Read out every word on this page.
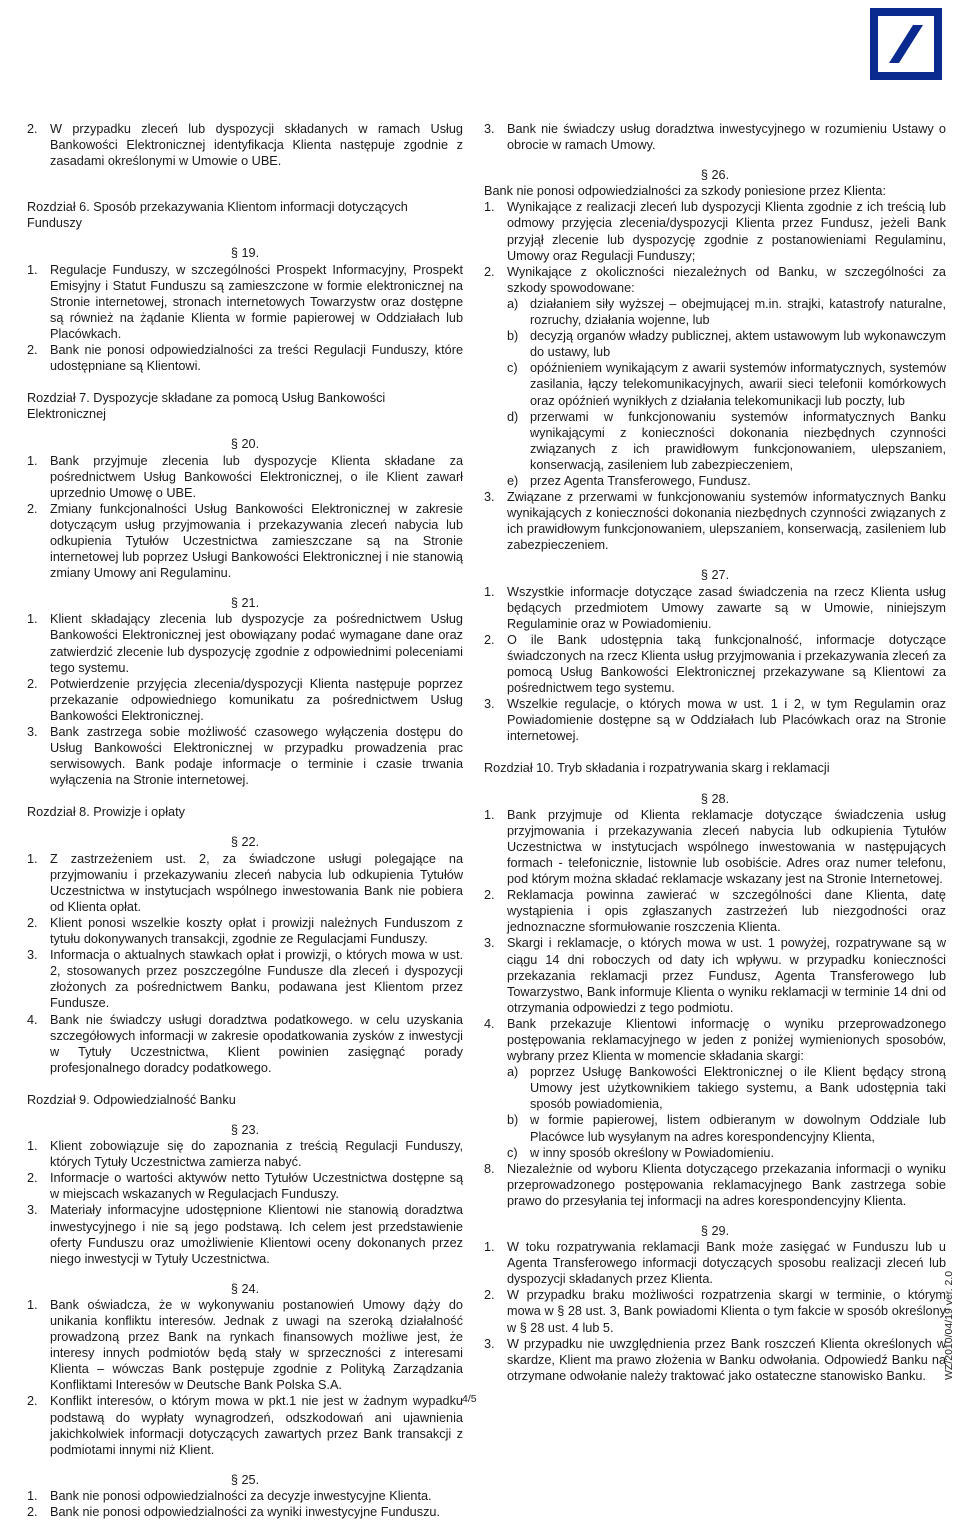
2. W przypadku zleceń lub dyspozycji składanych w ramach Usług Bankowości Elektronicznej identyfikacja Klienta następuje zgodnie z zasadami określonymi w Umowie o UBE.
Rozdział 6. Sposób przekazywania Klientom informacji dotyczących Funduszy
§ 19.
1. Regulacje Funduszy, w szczególności Prospekt Informacyjny, Prospekt Emisyjny i Statut Funduszu są zamieszczone w formie elektronicznej na Stronie internetowej, stronach internetowych Towarzystw oraz dostępne są również na żądanie Klienta w formie papierowej w Oddziałach lub Placówkach.
2. Bank nie ponosi odpowiedzialności za treści Regulacji Funduszy, które udostępniane są Klientowi.
Rozdział 7. Dyspozycje składane za pomocą Usług Bankowości Elektronicznej
§ 20.
1. Bank przyjmuje zlecenia lub dyspozycje Klienta składane za pośrednictwem Usług Bankowości Elektronicznej, o ile Klient zawarł uprzednio Umowę o UBE.
2. Zmiany funkcjonalności Usług Bankowości Elektronicznej w zakresie dotyczącym usług przyjmowania i przekazywania zleceń nabycia lub odkupienia Tytułów Uczestnictwa zamieszczane są na Stronie internetowej lub poprzez Usługi Bankowości Elektronicznej i nie stanowią zmiany Umowy ani Regulaminu.
§ 21.
1. Klient składający zlecenia lub dyspozycje za pośrednictwem Usług Bankowości Elektronicznej jest obowiązany podać wymagane dane oraz zatwierdzić zlecenie lub dyspozycję zgodnie z odpowiednimi poleceniami tego systemu.
2. Potwierdzenie przyjęcia zlecenia/dyspozycji Klienta następuje poprzez przekazanie odpowiedniego komunikatu za pośrednictwem Usług Bankowości Elektronicznej.
3. Bank zastrzega sobie możliwość czasowego wyłączenia dostępu do Usług Bankowości Elektronicznej w przypadku prowadzenia prac serwisowych. Bank podaje informacje o terminie i czasie trwania wyłączenia na Stronie internetowej.
Rozdział 8. Prowizje i opłaty
§ 22.
1. Z zastrzeżeniem ust. 2, za świadczone usługi polegające na przyjmowaniu i przekazywaniu zleceń nabycia lub odkupienia Tytułów Uczestnictwa w instytucjach wspólnego inwestowania Bank nie pobiera od Klienta opłat.
2. Klient ponosi wszelkie koszty opłat i prowizji należnych Funduszom z tytułu dokonywanych transakcji, zgodnie ze Regulacjami Funduszy.
3. Informacja o aktualnych stawkach opłat i prowizji, o których mowa w ust. 2, stosowanych przez poszczególne Fundusze dla zleceń i dyspozycji złożonych za pośrednictwem Banku, podawana jest Klientom przez Fundusze.
4. Bank nie świadczy usługi doradztwa podatkowego. w celu uzyskania szczegółowych informacji w zakresie opodatkowania zysków z inwestycji w Tytuły Uczestnictwa, Klient powinien zasięgnąć porady profesjonalnego doradcy podatkowego.
Rozdział 9. Odpowiedzialność Banku
§ 23.
1. Klient zobowiązuje się do zapoznania z treścią Regulacji Funduszy, których Tytuły Uczestnictwa zamierza nabyć.
2. Informacje o wartości aktywów netto Tytułów Uczestnictwa dostępne są w miejscach wskazanych w Regulacjach Funduszy.
3. Materiały informacyjne udostępnione Klientowi nie stanowią doradztwa inwestycyjnego i nie są jego podstawą. Ich celem jest przedstawienie oferty Funduszu oraz umożliwienie Klientowi oceny dokonanych przez niego inwestycji w Tytuły Uczestnictwa.
§ 24.
1. Bank oświadcza, że w wykonywaniu postanowień Umowy dąży do unikania konfliktu interesów. Jednak z uwagi na szeroką działalność prowadzoną przez Bank na rynkach finansowych możliwe jest, że interesy innych podmiotów będą stały w sprzeczności z interesami Klienta – wówczas Bank postępuje zgodnie z Polityką Zarządzania Konfliktami Interesów w Deutsche Bank Polska S.A.
2. Konflikt interesów, o którym mowa w pkt.1 nie jest w żadnym wypadku podstawą do wypłaty wynagrodzeń, odszkodowań ani ujawnienia jakichkolwiek informacji dotyczących zawartych przez Bank transakcji z podmiotami innymi niż Klient.
§ 25.
1. Bank nie ponosi odpowiedzialności za decyzje inwestycyjne Klienta.
2. Bank nie ponosi odpowiedzialności za wyniki inwestycyjne Funduszu.
3. Bank nie świadczy usług doradztwa inwestycyjnego w rozumieniu Ustawy o obrocie w ramach Umowy.
§ 26.
Bank nie ponosi odpowiedzialności za szkody poniesione przez Klienta:
1. Wynikające z realizacji zleceń lub dyspozycji Klienta zgodnie z ich treścią lub odmowy przyjęcia zlecenia/dyspozycji Klienta przez Fundusz, jeżeli Bank przyjął zlecenie lub dyspozycję zgodnie z postanowieniami Regulaminu, Umowy oraz Regulacji Funduszy;
2. Wynikające z okoliczności niezależnych od Banku, w szczególności za szkody spowodowane:
a) działaniem siły wyższej – obejmującej m.in. strajki, katastrofy naturalne, rozruchy, działania wojenne, lub
b) decyzją organów władzy publicznej, aktem ustawowym lub wykonawczym do ustawy, lub
c) opóźnieniem wynikającym z awarii systemów informatycznych, systemów zasilania, łączy telekomunikacyjnych, awarii sieci telefonii komórkowych oraz opóźnień wynikłych z działania telekomunikacji lub poczty, lub
d) przerwami w funkcjonowaniu systemów informatycznych Banku wynikającymi z konieczności dokonania niezbędnych czynności związanych z ich prawidłowym funkcjonowaniem, ulepszaniem, konserwacją, zasileniem lub zabezpieczeniem,
e) przez Agenta Transferowego, Fundusz.
3. Związane z przerwami w funkcjonowaniu systemów informatycznych Banku wynikających z konieczności dokonania niezbędnych czynności związanych z ich prawidłowym funkcjonowaniem, ulepszaniem, konserwacją, zasileniem lub zabezpieczeniem.
§ 27.
1. Wszystkie informacje dotyczące zasad świadczenia na rzecz Klienta usług będących przedmiotem Umowy zawarte są w Umowie, niniejszym Regulaminie oraz w Powiadomieniu.
2. O ile Bank udostępnia taką funkcjonalność, informacje dotyczące świadczonych na rzecz Klienta usług przyjmowania i przekazywania zleceń za pomocą Usług Bankowości Elektronicznej przekazywane są Klientowi za pośrednictwem tego systemu.
3. Wszelkie regulacje, o których mowa w ust. 1 i 2, w tym Regulamin oraz Powiadomienie dostępne są w Oddziałach lub Placówkach oraz na Stronie internetowej.
Rozdział 10. Tryb składania i rozpatrywania skarg i reklamacji
§ 28.
1. Bank przyjmuje od Klienta reklamacje dotyczące świadczenia usług przyjmowania i przekazywania zleceń nabycia lub odkupienia Tytułów Uczestnictwa w instytucjach wspólnego inwestowania w następujących formach - telefonicznie, listownie lub osobiście. Adres oraz numer telefonu, pod którym można składać reklamacje wskazany jest na Stronie Internetowej.
2. Reklamacja powinna zawierać w szczególności dane Klienta, datę wystąpienia i opis zgłaszanych zastrzeżeń lub niezgodności oraz jednoznaczne sformułowanie roszczenia Klienta.
3. Skargi i reklamacje, o których mowa w ust. 1 powyżej, rozpatrywane są w ciągu 14 dni roboczych od daty ich wpływu. w przypadku konieczności przekazania reklamacji przez Fundusz, Agenta Transferowego lub Towarzystwo, Bank informuje Klienta o wyniku reklamacji w terminie 14 dni od otrzymania odpowiedzi z tego podmiotu.
4. Bank przekazuje Klientowi informację o wyniku przeprowadzonego postępowania reklamacyjnego w jeden z poniżej wymienionych sposobów, wybrany przez Klienta w momencie składania skargi:
a) poprzez Usługę Bankowości Elektronicznej o ile Klient będący stroną Umowy jest użytkownikiem takiego systemu, a Bank udostępnia taki sposób powiadomienia,
b) w formie papierowej, listem odbieranym w dowolnym Oddziale lub Placówce lub wysyłanym na adres korespondencyjny Klienta,
c) w inny sposób określony w Powiadomieniu.
8. Niezależnie od wyboru Klienta dotyczącego przekazania informacji o wyniku przeprowadzonego postępowania reklamacyjnego Bank zastrzega sobie prawo do przesyłania tej informacji na adres korespondencyjny Klienta.
§ 29.
1. W toku rozpatrywania reklamacji Bank może zasięgać w Funduszu lub u Agenta Transferowego informacji dotyczących sposobu realizacji zleceń lub dyspozycji składanych przez Klienta.
2. W przypadku braku możliwości rozpatrzenia skargi w terminie, o którym mowa w § 28 ust. 3, Bank powiadomi Klienta o tym fakcie w sposób określony w § 28 ust. 4 lub 5.
3. W przypadku nie uwzględnienia przez Bank roszczeń Klienta określonych w skardze, Klient ma prawo złożenia w Banku odwołania. Odpowiedź Banku na otrzymane odwołanie należy traktować jako ostateczne stanowisko Banku.
4/5
WZ/2010/04/19 ver. 2.0
